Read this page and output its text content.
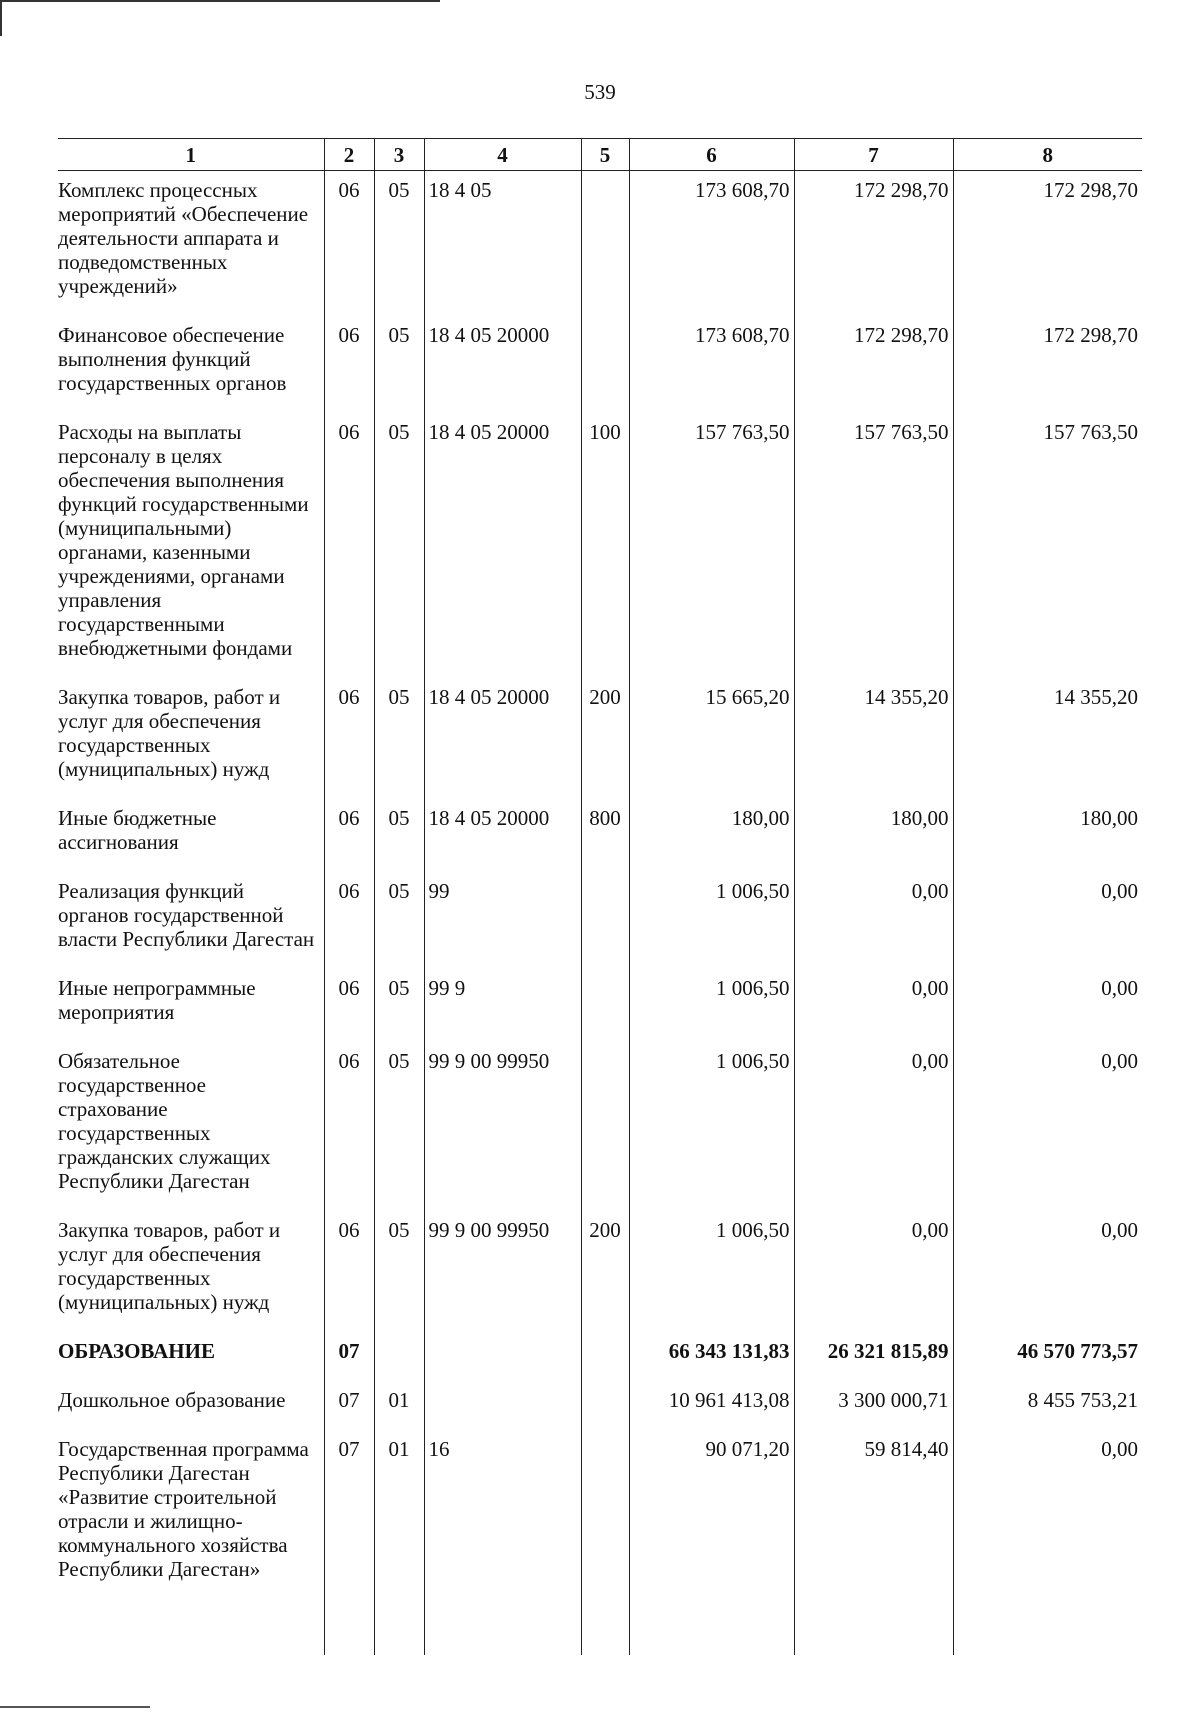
539
1	2	3	4	5	6	7	8
Комплекс процессных мероприятий «Обеспечение деятельности аппарата и подведомственных учреждений»	06	05	18 4 05		173 608,70	172 298,70	172 298,70
Финансовое обеспечение выполнения функций государственных органов	06	05	18 4 05 20000		173 608,70	172 298,70	172 298,70
Расходы на выплаты персоналу в целях обеспечения выполнения функций государственными (муниципальными) органами, казенными учреждениями, органами управления государственными внебюджетными фондами	06	05	18 4 05 20000	100	157 763,50	157 763,50	157 763,50
Закупка товаров, работ и услуг для обеспечения государственных (муниципальных) нужд	06	05	18 4 05 20000	200	15 665,20	14 355,20	14 355,20
Иные бюджетные ассигнования	06	05	18 4 05 20000	800	180,00	180,00	180,00
Реализация функций органов государственной власти Республики Дагестан	06	05	99		1 006,50	0,00	0,00
Иные непрограммные мероприятия	06	05	99 9		1 006,50	0,00	0,00
Обязательное государственное страхование государственных гражданских служащих Республики Дагестан	06	05	99 9 00 99950		1 006,50	0,00	0,00
Закупка товаров, работ и услуг для обеспечения государственных (муниципальных) нужд	06	05	99 9 00 99950	200	1 006,50	0,00	0,00
ОБРАЗОВАНИЕ	07				66 343 131,83	26 321 815,89	46 570 773,57
Дошкольное образование	07	01			10 961 413,08	3 300 000,71	8 455 753,21
Государственная программа Республики Дагестан «Развитие строительной отрасли и жилищно-коммунального хозяйства Республики Дагестан»	07	01	16		90 071,20	59 814,40	0,00
